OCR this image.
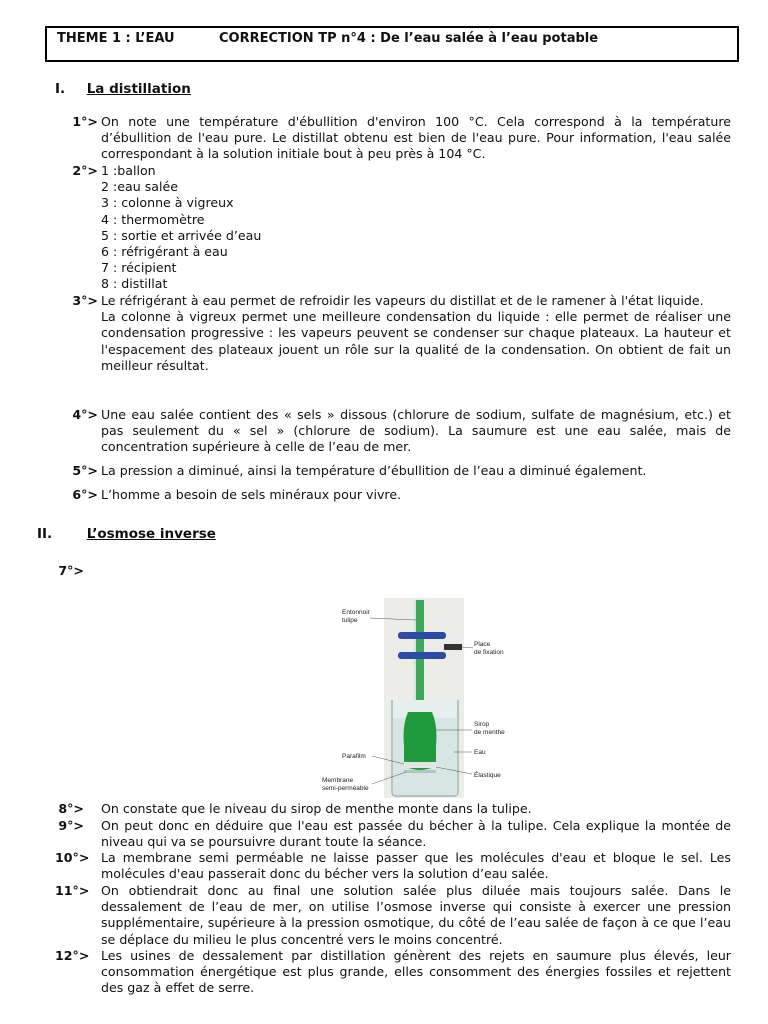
THEME 1 : L’EAU	CORRECTION TP n°4 : De l’eau salée à l’eau potable
I. La distillation
1°> On note une température d'ébullition d'environ 100 °C. Cela correspond à la température d’ébullition de l'eau pure. Le distillat obtenu est bien de l'eau pure. Pour information, l'eau salée correspondant à la solution initiale bout à peu près à 104 °C.
2°> 1 :ballon
2 :eau salée
3 : colonne à vigreux
4 : thermomètre
5 : sortie et arrivée d’eau
6 : réfrigérant à eau
7 : récipient
8 : distillat
3°> Le réfrigérant à eau permet de refroidir les vapeurs du distillat et de le ramener à l'état liquide.

La colonne à vigreux permet une meilleure condensation du liquide : elle permet de réaliser une condensation progressive : les vapeurs peuvent se condenser sur chaque plateaux. La hauteur et l'espacement des plateaux jouent un rôle sur la qualité de la condensation. On obtient de fait un meilleur résultat.

4°> Une eau salée contient des « sels » dissous (chlorure de sodium, sulfate de magnésium, etc.) et pas seulement du « sel » (chlorure de sodium). La saumure est une eau salée, mais de concentration supérieure à celle de l’eau de mer.
5°> La pression a diminué, ainsi la température d’ébullition de l’eau a diminué également.
6°> L’homme a besoin de sels minéraux pour vivre.
II.	L’osmose inverse
7°>
Entonnoir
tulipe
Place
de fixation
Sirop
de menthe
Eau
Élastique
Parafilm
Membrane
semi-perméable
8°> On constate que le niveau du sirop de menthe monte dans la tulipe.
9°> On peut donc en déduire que l'eau est passée du bécher à la tulipe. Cela explique la montée de niveau qui va se poursuivre durant toute la séance.
10°> La membrane semi perméable ne laisse passer que les molécules d'eau et bloque le sel. Les molécules d'eau passerait donc du bécher vers la solution d’eau salée.
11°> On obtiendrait donc au final une solution salée plus diluée mais toujours salée. Dans le dessalement de l’eau de mer, on utilise l’osmose inverse qui consiste à exercer une pression supplémentaire, supérieure à la pression osmotique, du côté de l’eau salée de façon à ce que l’eau se déplace du milieu le plus concentré vers le moins concentré.
12°> Les usines de dessalement par distillation génèrent des rejets en saumure plus élevés, leur consommation énergétique est plus grande, elles consomment des énergies fossiles et rejettent des gaz à effet de serre.
